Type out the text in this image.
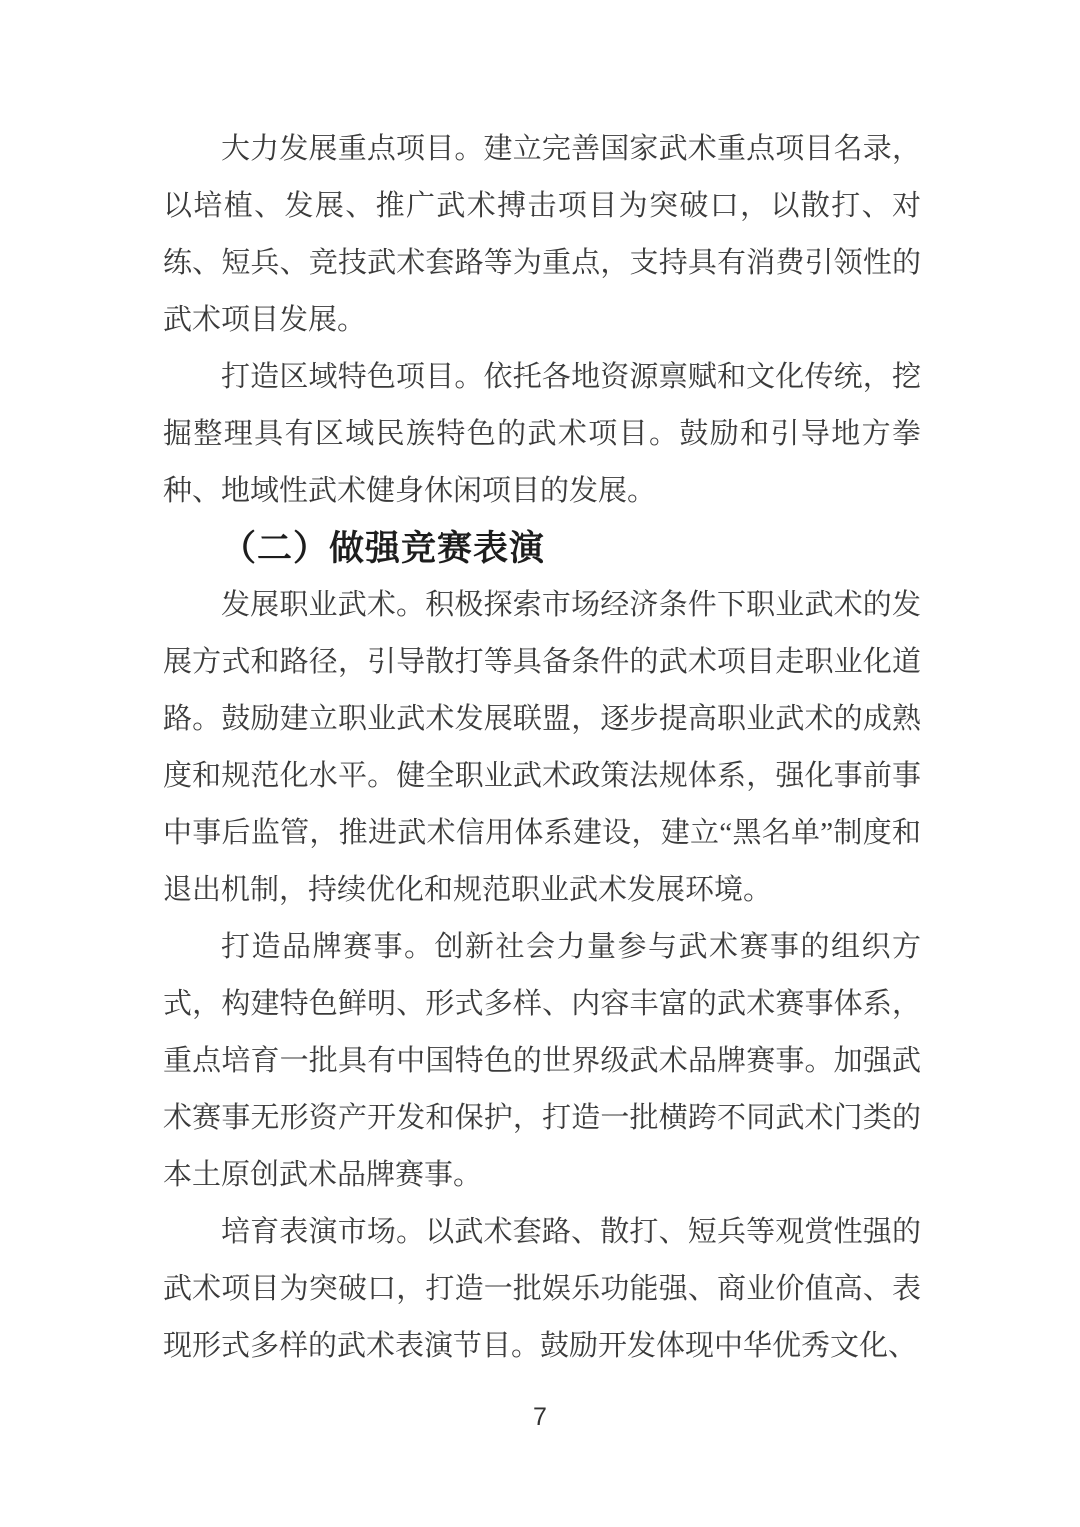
大力发展重点项目。建立完善国家武术重点项目名录，以培植、发展、推广武术搏击项目为突破口，以散打、对练、短兵、竞技武术套路等为重点，支持具有消费引领性的武术项目发展。

打造区域特色项目。依托各地资源禀赋和文化传统，挖掘整理具有区域民族特色的武术项目。鼓励和引导地方拳种、地域性武术健身休闲项目的发展。

（二）做强竞赛表演

发展职业武术。积极探索市场经济条件下职业武术的发展方式和路径，引导散打等具备条件的武术项目走职业化道路。鼓励建立职业武术发展联盟，逐步提高职业武术的成熟度和规范化水平。健全职业武术政策法规体系，强化事前事中事后监管，推进武术信用体系建设，建立“黑名单”制度和退出机制，持续优化和规范职业武术发展环境。

打造品牌赛事。创新社会力量参与武术赛事的组织方式，构建特色鲜明、形式多样、内容丰富的武术赛事体系，重点培育一批具有中国特色的世界级武术品牌赛事。加强武术赛事无形资产开发和保护，打造一批横跨不同武术门类的本土原创武术品牌赛事。

培育表演市场。以武术套路、散打、短兵等观赏性强的武术项目为突破口，打造一批娱乐功能强、商业价值高、表现形式多样的武术表演节目。鼓励开发体现中华优秀文化、

7
